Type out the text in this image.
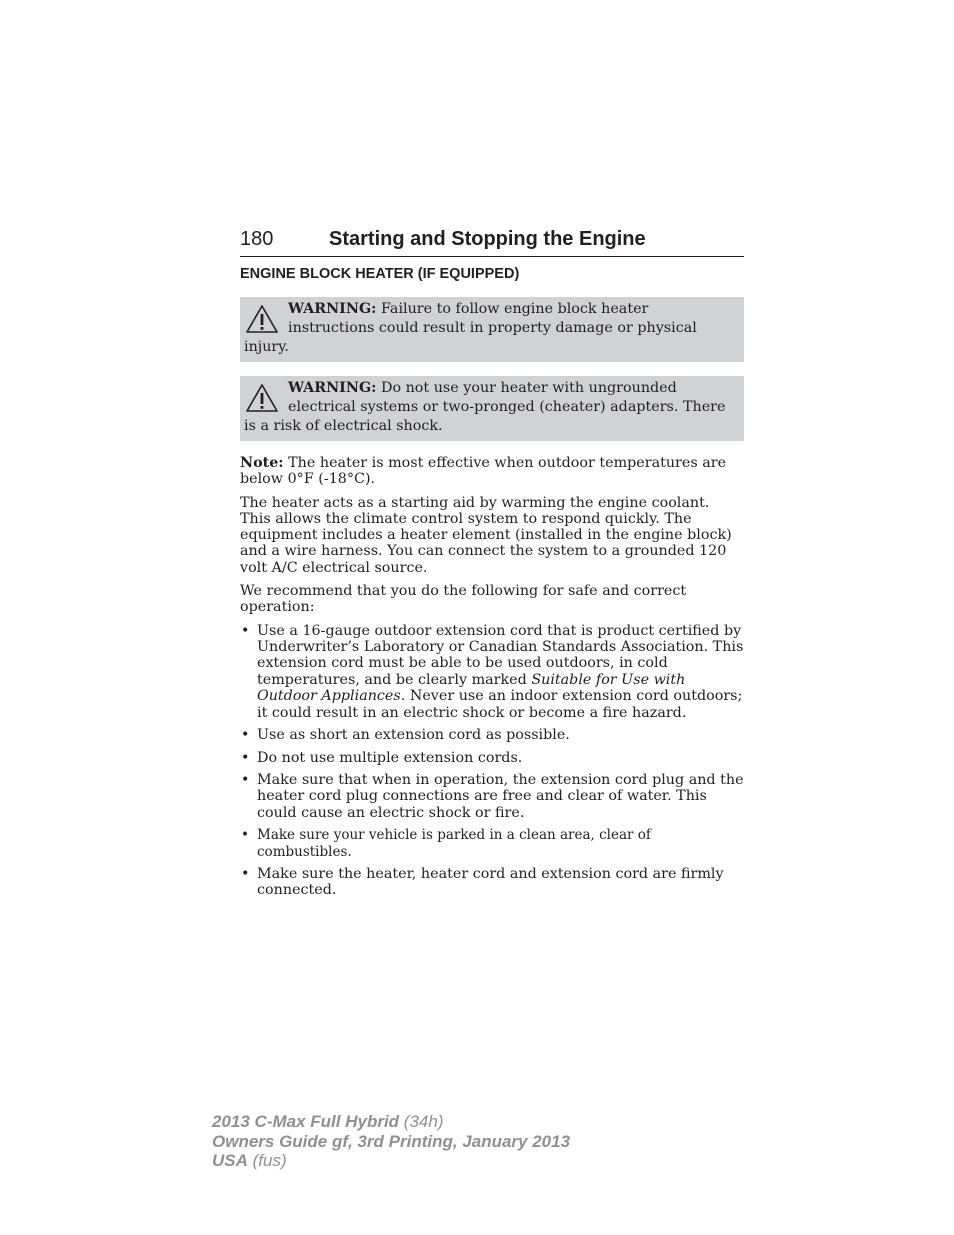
180	Starting and Stopping the Engine
ENGINE BLOCK HEATER (IF EQUIPPED)
WARNING: Failure to follow engine block heater instructions could result in property damage or physical injury.
WARNING: Do not use your heater with ungrounded electrical systems or two-pronged (cheater) adapters. There is a risk of electrical shock.

Note: The heater is most effective when outdoor temperatures are below 0°F (-18°C).

The heater acts as a starting aid by warming the engine coolant. This allows the climate control system to respond quickly. The equipment includes a heater element (installed in the engine block) and a wire harness. You can connect the system to a grounded 120 volt A/C electrical source.

We recommend that you do the following for safe and correct operation:

• Use a 16-gauge outdoor extension cord that is product certified by Underwriter’s Laboratory or Canadian Standards Association. This extension cord must be able to be used outdoors, in cold temperatures, and be clearly marked Suitable for Use with Outdoor Appliances. Never use an indoor extension cord outdoors; it could result in an electric shock or become a fire hazard.
• Use as short an extension cord as possible.
• Do not use multiple extension cords.
• Make sure that when in operation, the extension cord plug and the heater cord plug connections are free and clear of water. This could cause an electric shock or fire.
• Make sure your vehicle is parked in a clean area, clear of combustibles.
• Make sure the heater, heater cord and extension cord are firmly connected.
2013 C-Max Full Hybrid (34h)
Owners Guide gf, 3rd Printing, January 2013
USA (fus)
